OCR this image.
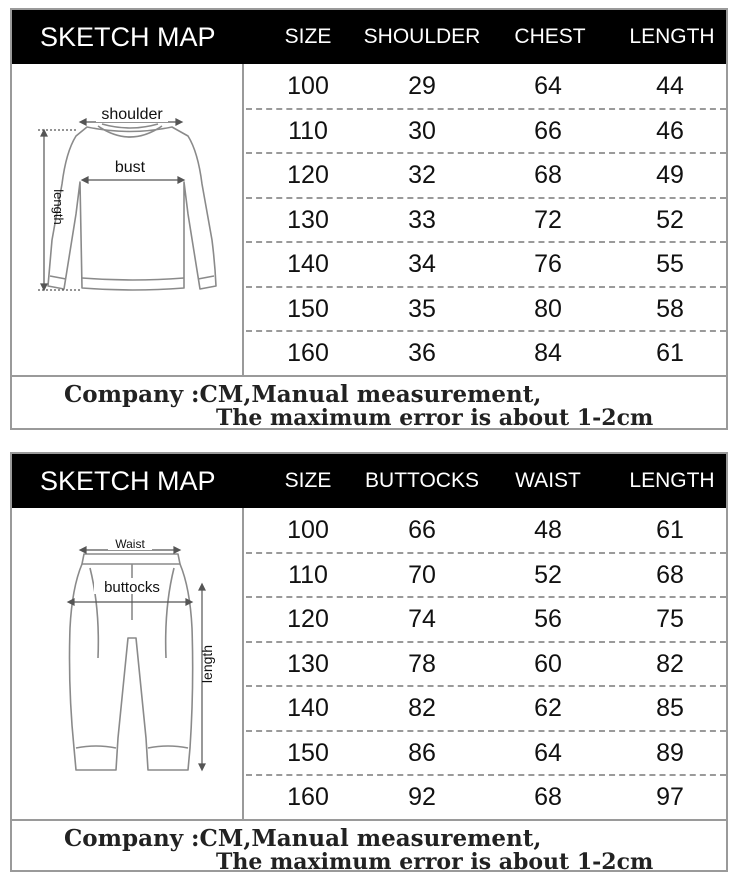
SKETCH MAP	SIZE	SHOULDER	CHEST	LENGTH
shoulder
bust
length
100	29	64	44
110	30	66	46
120	32	68	49
130	33	72	52
140	34	76	55
150	35	80	58
160	36	84	61
Company :CM,Manual measurement,
The maximum error is about 1-2cm
SKETCH MAP	SIZE	BUTTOCKS	WAIST	LENGTH
Waist
buttocks
length
100	66	48	61
110	70	52	68
120	74	56	75
130	78	60	82
140	82	62	85
150	86	64	89
160	92	68	97
Company :CM,Manual measurement,
The maximum error is about 1-2cm
